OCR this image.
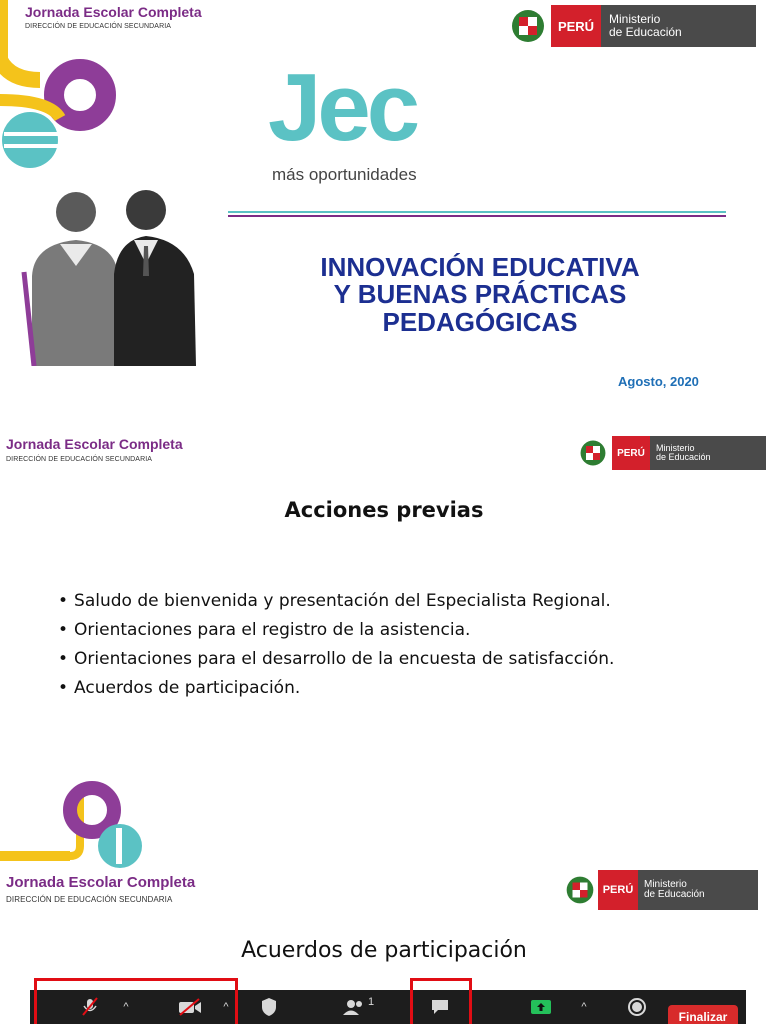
Jornada Escolar Completa
DIRECCIÓN DE EDUCACIÓN SECUNDARIA	PERÚ	Ministerio
de Educación
Jec
más oportunidades
INNOVACIÓN EDUCATIVA
Y BUENAS PRÁCTICAS
PEDAGÓGICAS
Agosto, 2020
Jornada Escolar Completa
DIRECCIÓN DE EDUCACIÓN SECUNDARIA
PERÚ	Ministerio
de Educación
Acciones previas
• Saludo de bienvenida y presentación del Especialista Regional.
• Orientaciones para el registro de la asistencia.
• Orientaciones para el desarrollo de la encuesta de satisfacción.
• Acuerdos de participación.
Jornada Escolar Completa
DIRECCIÓN DE EDUCACIÓN SECUNDARIA
PERÚ	Ministerio
de Educación
Acuerdos de participación
^	^	1	^
Finalizar
